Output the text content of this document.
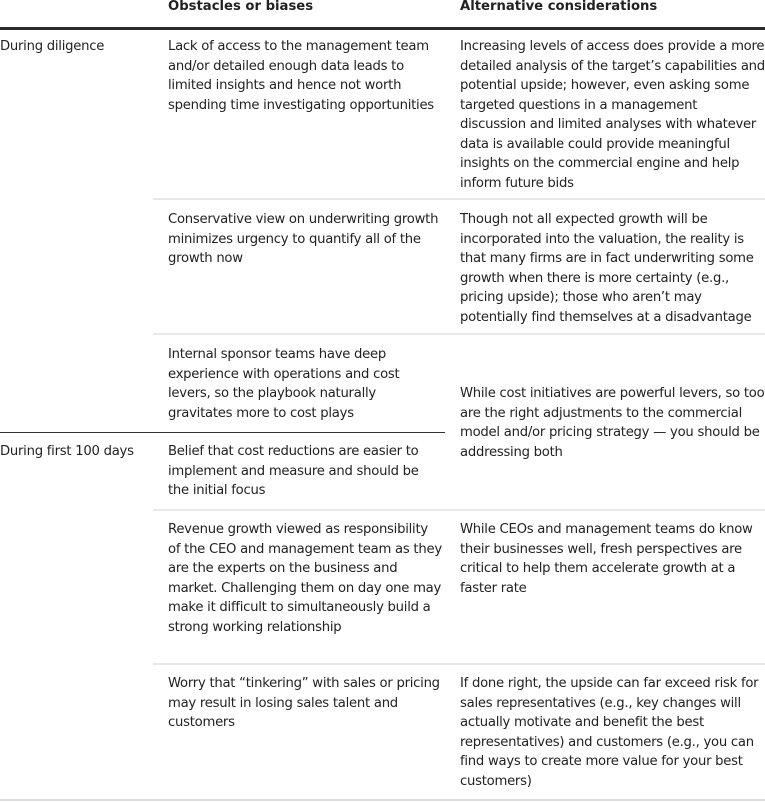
Obstacles or biases	Alternative considerations
During diligence
During first 100 days
Lack of access to the management team and/or detailed enough data leads to limited insights and hence not worth spending time investigating opportunities
Increasing levels of access does provide a more detailed analysis of the target’s capabilities and potential upside; however, even asking some targeted questions in a management discussion and limited analyses with whatever data is available could provide meaningful insights on the commercial engine and help inform future bids
Conservative view on underwriting growth minimizes urgency to quantify all of the growth now
Though not all expected growth will be incorporated into the valuation, the reality is that many firms are in fact underwriting some growth when there is more certainty (e.g., pricing upside); those who aren’t may potentially find themselves at a disadvantage
Internal sponsor teams have deep experience with operations and cost levers, so the playbook naturally gravitates more to cost plays
While cost initiatives are powerful levers, so too are the right adjustments to the commercial model and/or pricing strategy — you should be addressing both
Belief that cost reductions are easier to implement and measure and should be the initial focus
Revenue growth viewed as responsibility of the CEO and management team as they are the experts on the business and market. Challenging them on day one may make it difficult to simultaneously build a strong working relationship
While CEOs and management teams do know their businesses well, fresh perspectives are critical to help them accelerate growth at a faster rate
Worry that “tinkering” with sales or pricing may result in losing sales talent and customers
If done right, the upside can far exceed risk for sales representatives (e.g., key changes will actually motivate and benefit the best representatives) and customers (e.g., you can find ways to create more value for your best customers)
